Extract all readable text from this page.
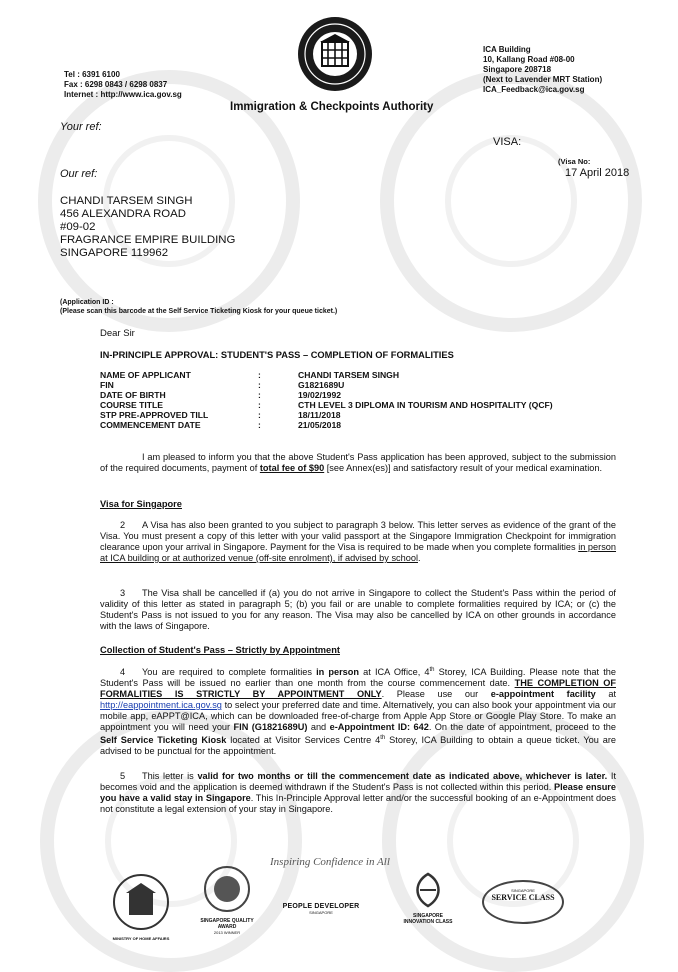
Tel : 6391 6100
Fax : 6298 0843 / 6298 0837
Internet : http://www.ica.gov.sg
ICA Building
10, Kallang Road #08-00
Singapore 208718
(Next to Lavender MRT Station)
ICA_Feedback@ica.gov.sg
Immigration & Checkpoints Authority
Your ref:
VISA:
(Visa No:
Our ref:	17 April 2018
CHANDI TARSEM SINGH
456 ALEXANDRA ROAD
#09-02
FRAGRANCE EMPIRE BUILDING
SINGAPORE 119962
(Application ID :
(Please scan this barcode at the Self Service Ticketing Kiosk for your queue ticket.)
Dear Sir
IN-PRINCIPLE APPROVAL: STUDENT'S PASS – COMPLETION OF FORMALITIES
NAME OF APPLICANT	:	CHANDI TARSEM SINGH
FIN	:	G1821689U
DATE OF BIRTH	:	19/02/1992
COURSE TITLE	:	CTH LEVEL 3 DIPLOMA IN TOURISM AND HOSPITALITY (QCF)
STP PRE-APPROVED TILL	:	18/11/2018
COMMENCEMENT DATE	:	21/05/2018
I am pleased to inform you that the above Student's Pass application has been approved, subject to the submission of the required documents, payment of total fee of $90 [see Annex(es)] and satisfactory result of your medical examination.
Visa for Singapore
2 A Visa has also been granted to you subject to paragraph 3 below. This letter serves as evidence of the grant of the Visa. You must present a copy of this letter with your valid passport at the Singapore Immigration Checkpoint for immigration clearance upon your arrival in Singapore. Payment for the Visa is required to be made when you complete formalities in person at ICA building or at authorized venue (off-site enrolment), if advised by school.
3 The Visa shall be cancelled if (a) you do not arrive in Singapore to collect the Student's Pass within the period of validity of this letter as stated in paragraph 5; (b) you fail or are unable to complete formalities required by ICA; or (c) the Student's Pass is not issued to you for any reason. The Visa may also be cancelled by ICA on other grounds in accordance with the laws of Singapore.
Collection of Student's Pass – Strictly by Appointment
4 You are required to complete formalities in person at ICA Office, 4th Storey, ICA Building. Please note that the Student's Pass will be issued no earlier than one month from the course commencement date. THE COMPLETION OF FORMALITIES IS STRICTLY BY APPOINTMENT ONLY. Please use our e-appointment facility at http://eappointment.ica.gov.sg to select your preferred date and time. Alternatively, you can also book your appointment via our mobile app, eAPPT@ICA, which can be downloaded free-of-charge from Apple App Store or Google Play Store. To make an appointment you will need your FIN (G1821689U) and e-Appointment ID: 642. On the date of appointment, proceed to the Self Service Ticketing Kiosk located at Visitor Services Centre 4th Storey, ICA Building to obtain a queue ticket. You are advised to be punctual for the appointment.
5 This letter is valid for two months or till the commencement date as indicated above, whichever is later. It becomes void and the application is deemed withdrawn if the Student's Pass is not collected within this period. Please ensure you have a valid stay in Singapore. This In-Principle Approval letter and/or the successful booking of an e-Appointment does not constitute a legal extension of your stay in Singapore.
Inspiring Confidence in All
MINISTRY OF HOME AFFAIRS
SINGAPORE QUALITY AWARD
2013 WINNER
PEOPLE DEVELOPER
SINGAPORE
SINGAPORE INNOVATION CLASS
SINGAPORE
SERVICE CLASS
